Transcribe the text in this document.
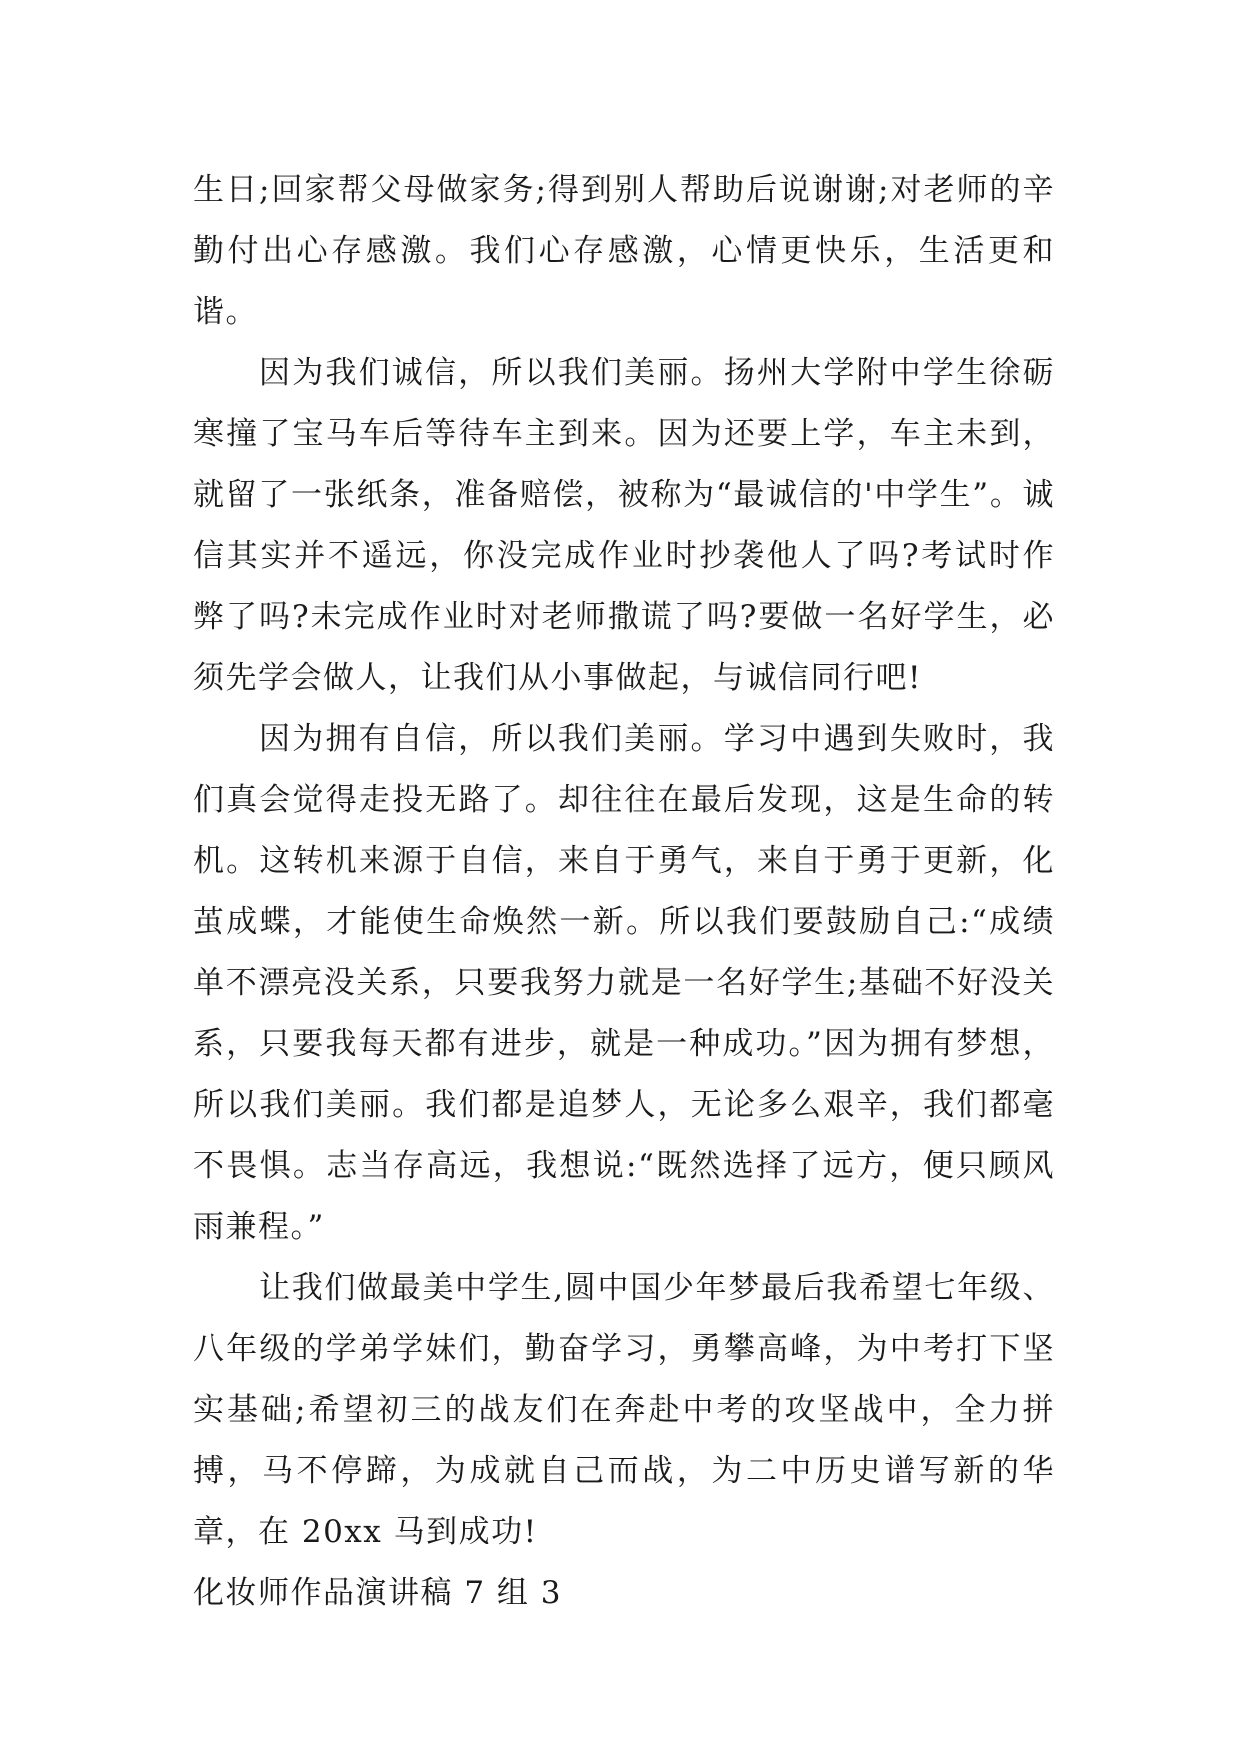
生日;回家帮父母做家务;得到别人帮助后说谢谢;对老师的辛勤付出心存感激。我们心存感激，心情更快乐，生活更和谐。

因为我们诚信，所以我们美丽。扬州大学附中学生徐砺寒撞了宝马车后等待车主到来。因为还要上学，车主未到，就留了一张纸条，准备赔偿，被称为“最诚信的'中学生”。诚信其实并不遥远，你没完成作业时抄袭他人了吗?考试时作弊了吗?未完成作业时对老师撒谎了吗?要做一名好学生，必须先学会做人，让我们从小事做起，与诚信同行吧!

因为拥有自信，所以我们美丽。学习中遇到失败时，我们真会觉得走投无路了。却往往在最后发现，这是生命的转机。这转机来源于自信，来自于勇气，来自于勇于更新，化茧成蝶，才能使生命焕然一新。所以我们要鼓励自己:“成绩单不漂亮没关系，只要我努力就是一名好学生;基础不好没关系，只要我每天都有进步，就是一种成功。”因为拥有梦想，所以我们美丽。我们都是追梦人，无论多么艰辛，我们都毫不畏惧。志当存高远，我想说:“既然选择了远方，便只顾风雨兼程。”

让我们做最美中学生,圆中国少年梦最后我希望七年级、八年级的学弟学妹们，勤奋学习，勇攀高峰，为中考打下坚实基础;希望初三的战友们在奔赴中考的攻坚战中，全力拼搏，马不停蹄，为成就自己而战，为二中历史谱写新的华章，在 20xx 马到成功!

化妆师作品演讲稿 7 组 3
